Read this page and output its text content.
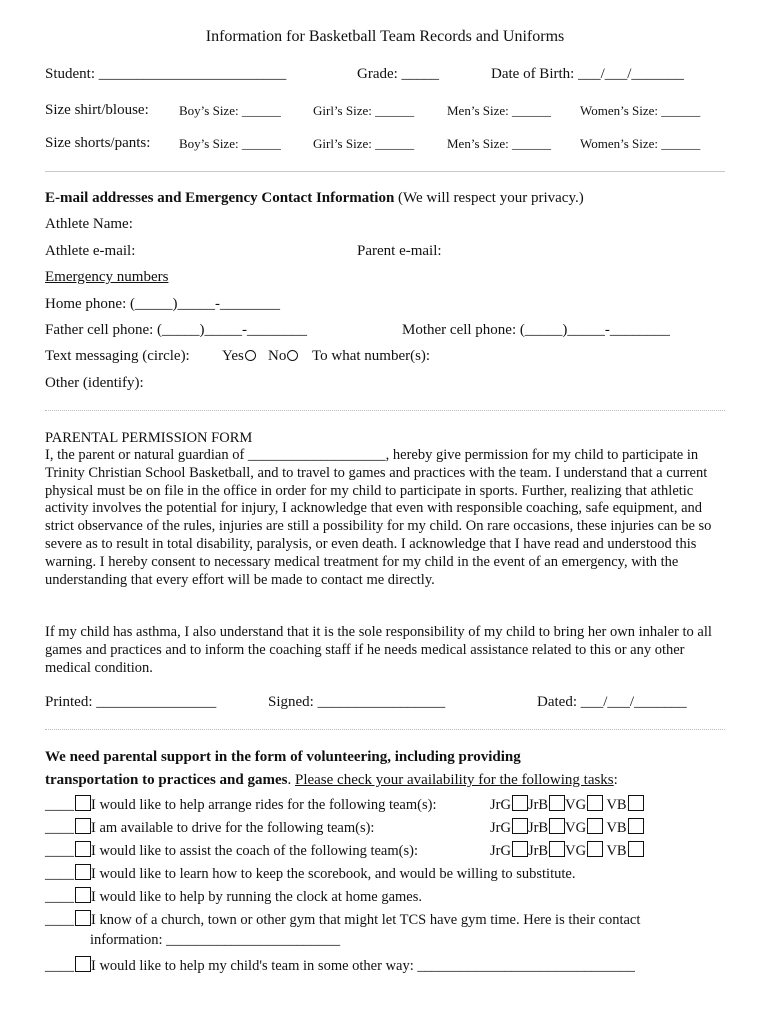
Information for Basketball Team Records and Uniforms
Student: _________________________	Grade: _____	Date of Birth: ___/___/_______
Size shirt/blouse: Boy’s Size: ______ Girl’s Size: ______	Men’s Size: ______ Women’s Size: ______
Size shorts/pants: Boy’s Size: ______ Girl’s Size: ______	Men’s Size: ______ Women’s Size: ______
E-mail addresses and Emergency Contact Information (We will respect your privacy.)
Athlete Name:
Athlete e-mail:	Parent e-mail:
Emergency numbers
Home phone: (_____)_____-________
Father cell phone: (_____)_____-________	Mother cell phone: (_____)_____-________
Text messaging (circle): Yes	No	To what number(s):
Other (identify):
PARENTAL PERMISSION FORM

I, the parent or natural guardian of ___________________, hereby give permission for my child to participate in Trinity Christian School Basketball, and to travel to games and practices with the team. I understand that a current physical must be on file in the office in order for my child to participate in sports. Further, realizing that athletic activity involves the potential for injury, I acknowledge that even with responsible coaching, safe equipment, and strict observance of the rules, injuries are still a possibility for my child. On rare occasions, these injuries can be so severe as to result in total disability, paralysis, or even death. I acknowledge that I have read and understood this warning. I hereby consent to necessary medical treatment for my child in the event of an emergency, with the understanding that every effort will be made to contact me directly.

If my child has asthma, I also understand that it is the sole responsibility of my child to bring her own inhaler to all games and practices and to inform the coaching staff if he needs medical assistance related to this or any other medical condition.

Printed: ________________	Signed: _________________	Dated: ___/___/_______
We need parental support in the form of volunteering, including providing
transportation to practices and games. Please check your availability for the following tasks:
____ I would like to help arrange rides for the following team(s):	JrG JrB VG VB
____ I am available to drive for the following team(s):	JrG JrB VG VB
____ I would like to assist the coach of the following team(s):	JrG JrB VG VB
____ I would like to learn how to keep the scorebook, and would be willing to substitute.
____ I would like to help by running the clock at home games.
____ I know of a church, town or other gym that might let TCS have gym time. Here is their contact
information: ________________________
____ I would like to help my child's team in some other way: ______________________________
